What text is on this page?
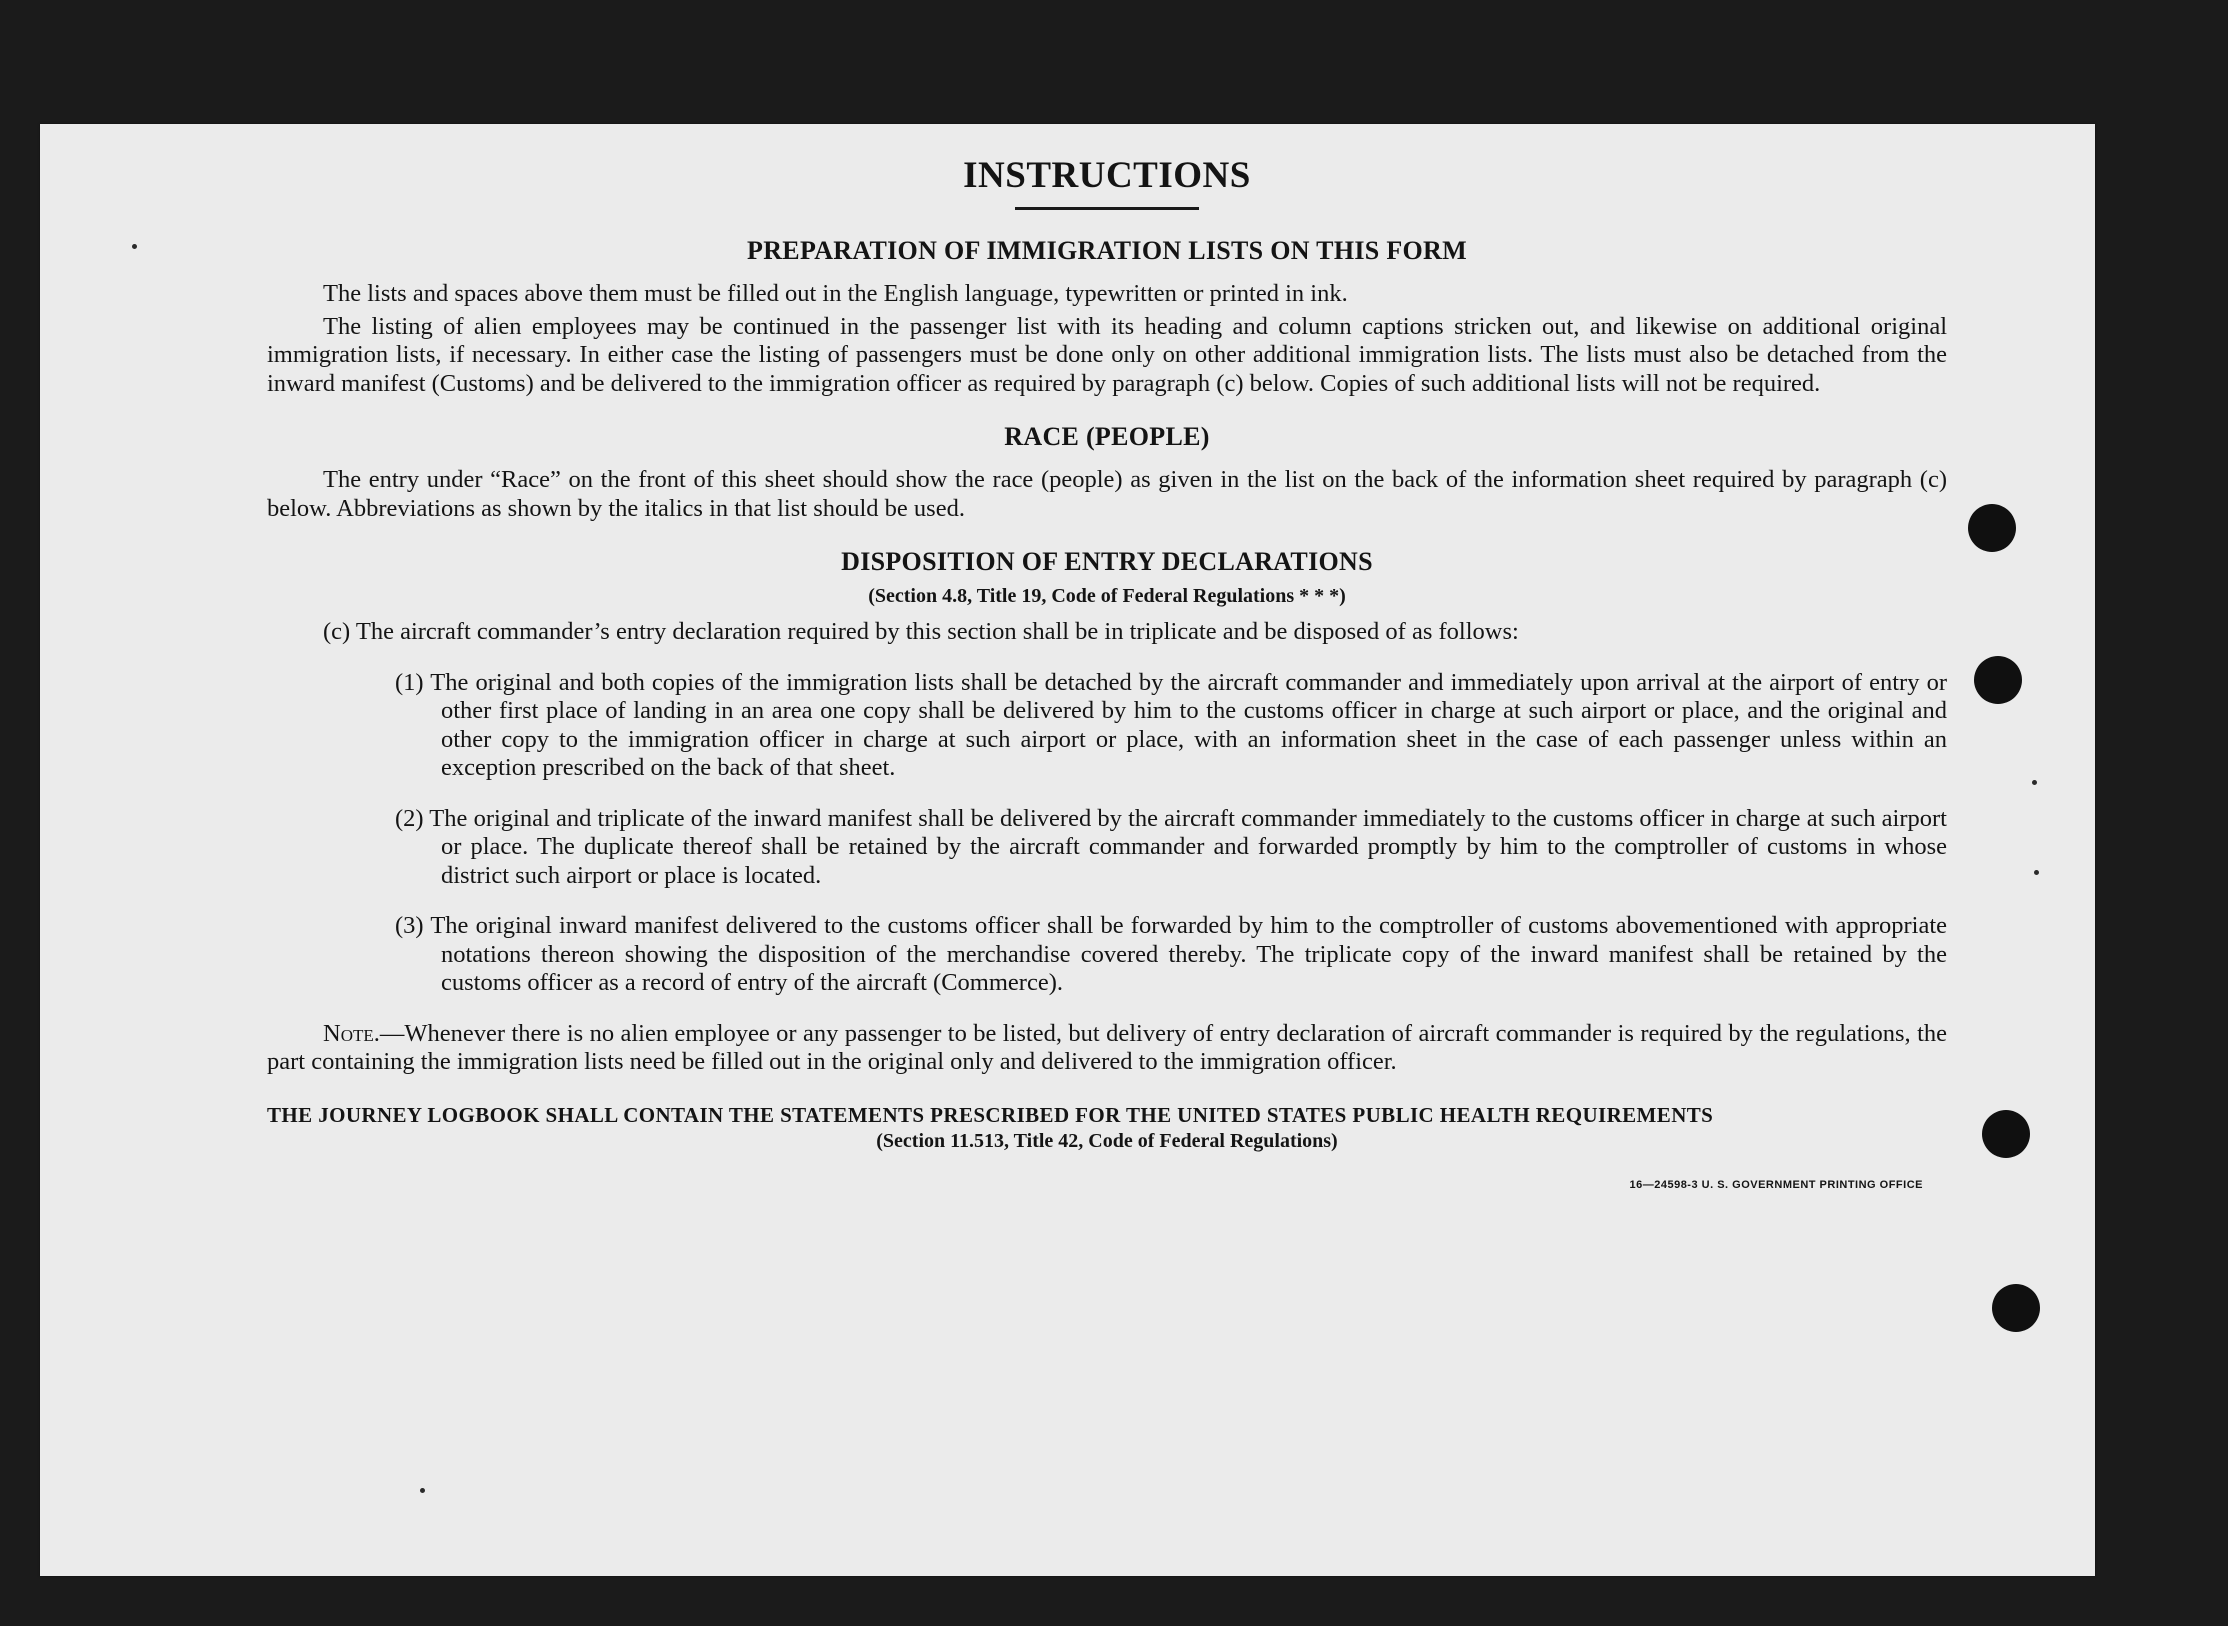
INSTRUCTIONS
PREPARATION OF IMMIGRATION LISTS ON THIS FORM

The lists and spaces above them must be filled out in the English language, typewritten or printed in ink.

The listing of alien employees may be continued in the passenger list with its heading and column captions stricken out, and likewise on additional original immigration lists, if necessary. In either case the listing of passengers must be done only on other additional immigration lists. The lists must also be detached from the inward manifest (Customs) and be delivered to the immigration officer as required by paragraph (c) below. Copies of such additional lists will not be required.

RACE (PEOPLE)

The entry under “Race” on the front of this sheet should show the race (people) as given in the list on the back of the information sheet required by paragraph (c) below. Abbreviations as shown by the italics in that list should be used.

DISPOSITION OF ENTRY DECLARATIONS
(Section 4.8, Title 19, Code of Federal Regulations * * *)
(c) The aircraft commander’s entry declaration required by this section shall be in triplicate and be disposed of as follows:
(1) The original and both copies of the immigration lists shall be detached by the aircraft commander and immediately upon arrival at the airport of entry or other first place of landing in an area one copy shall be delivered by him to the customs officer in charge at such airport or place, and the original and other copy to the immigration officer in charge at such airport or place, with an information sheet in the case of each passenger unless within an exception prescribed on the back of that sheet.
(2) The original and triplicate of the inward manifest shall be delivered by the aircraft commander immediately to the customs officer in charge at such airport or place. The duplicate thereof shall be retained by the aircraft commander and forwarded promptly by him to the comptroller of customs in whose district such airport or place is located.
(3) The original inward manifest delivered to the customs officer shall be forwarded by him to the comptroller of customs abovementioned with appropriate notations thereon showing the disposition of the merchandise covered thereby. The triplicate copy of the inward manifest shall be retained by the customs officer as a record of entry of the aircraft (Commerce).
Note.—Whenever there is no alien employee or any passenger to be listed, but delivery of entry declaration of aircraft commander is required by the regulations, the part containing the immigration lists need be filled out in the original only and delivered to the immigration officer.
THE JOURNEY LOGBOOK SHALL CONTAIN THE STATEMENTS PRESCRIBED FOR THE UNITED STATES PUBLIC HEALTH REQUIREMENTS
(Section 11.513, Title 42, Code of Federal Regulations)
16—24598-3 U. S. GOVERNMENT PRINTING OFFICE
